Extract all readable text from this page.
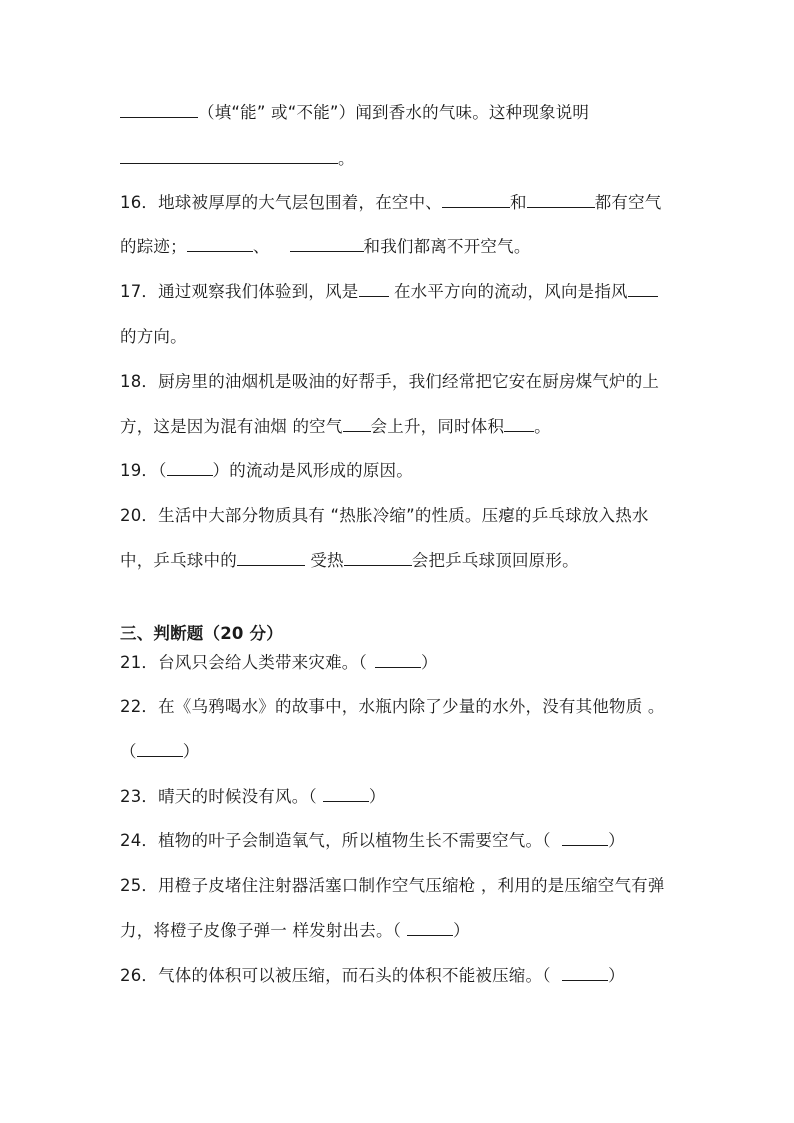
（填“能” 或“不能”）闻到香水的气味。这种现象说明
。
16．地球被厚厚的大气层包围着，在空中、	和	都有空气
的踪迹；	、	和我们都离不开空气。
17．通过观察我们体验到，风是 在水平方向的流动，风向是指风
的方向。
18．厨房里的油烟机是吸油的好帮手，我们经常把它安在厨房煤气炉的上
方，这是因为混有油烟 的空气 会上升，同时体积 。
19．（	）的流动是风形成的原因。
20．生活中大部分物质具有 “热胀冷缩”的性质。压瘪的乒乓球放入热水
中，乒乓球中的	受热	会把乒乓球顶回原形。
三、判断题（20 分）
21．台风只会给人类带来灾难。（	）
22．在《乌鸦喝水》的故事中，水瓶内除了少量的水外，没有其他物质 。
（	）
23．晴天的时候没有风。（	）
24．植物的叶子会制造氧气，所以植物生长不需要空气。（	）
25．用橙子皮堵住注射器活塞口制作空气压缩枪 ，利用的是压缩空气有弹
力，将橙子皮像子弹一 样发射出去。（	）
26．气体的体积可以被压缩，而石头的体积不能被压缩。（	）
